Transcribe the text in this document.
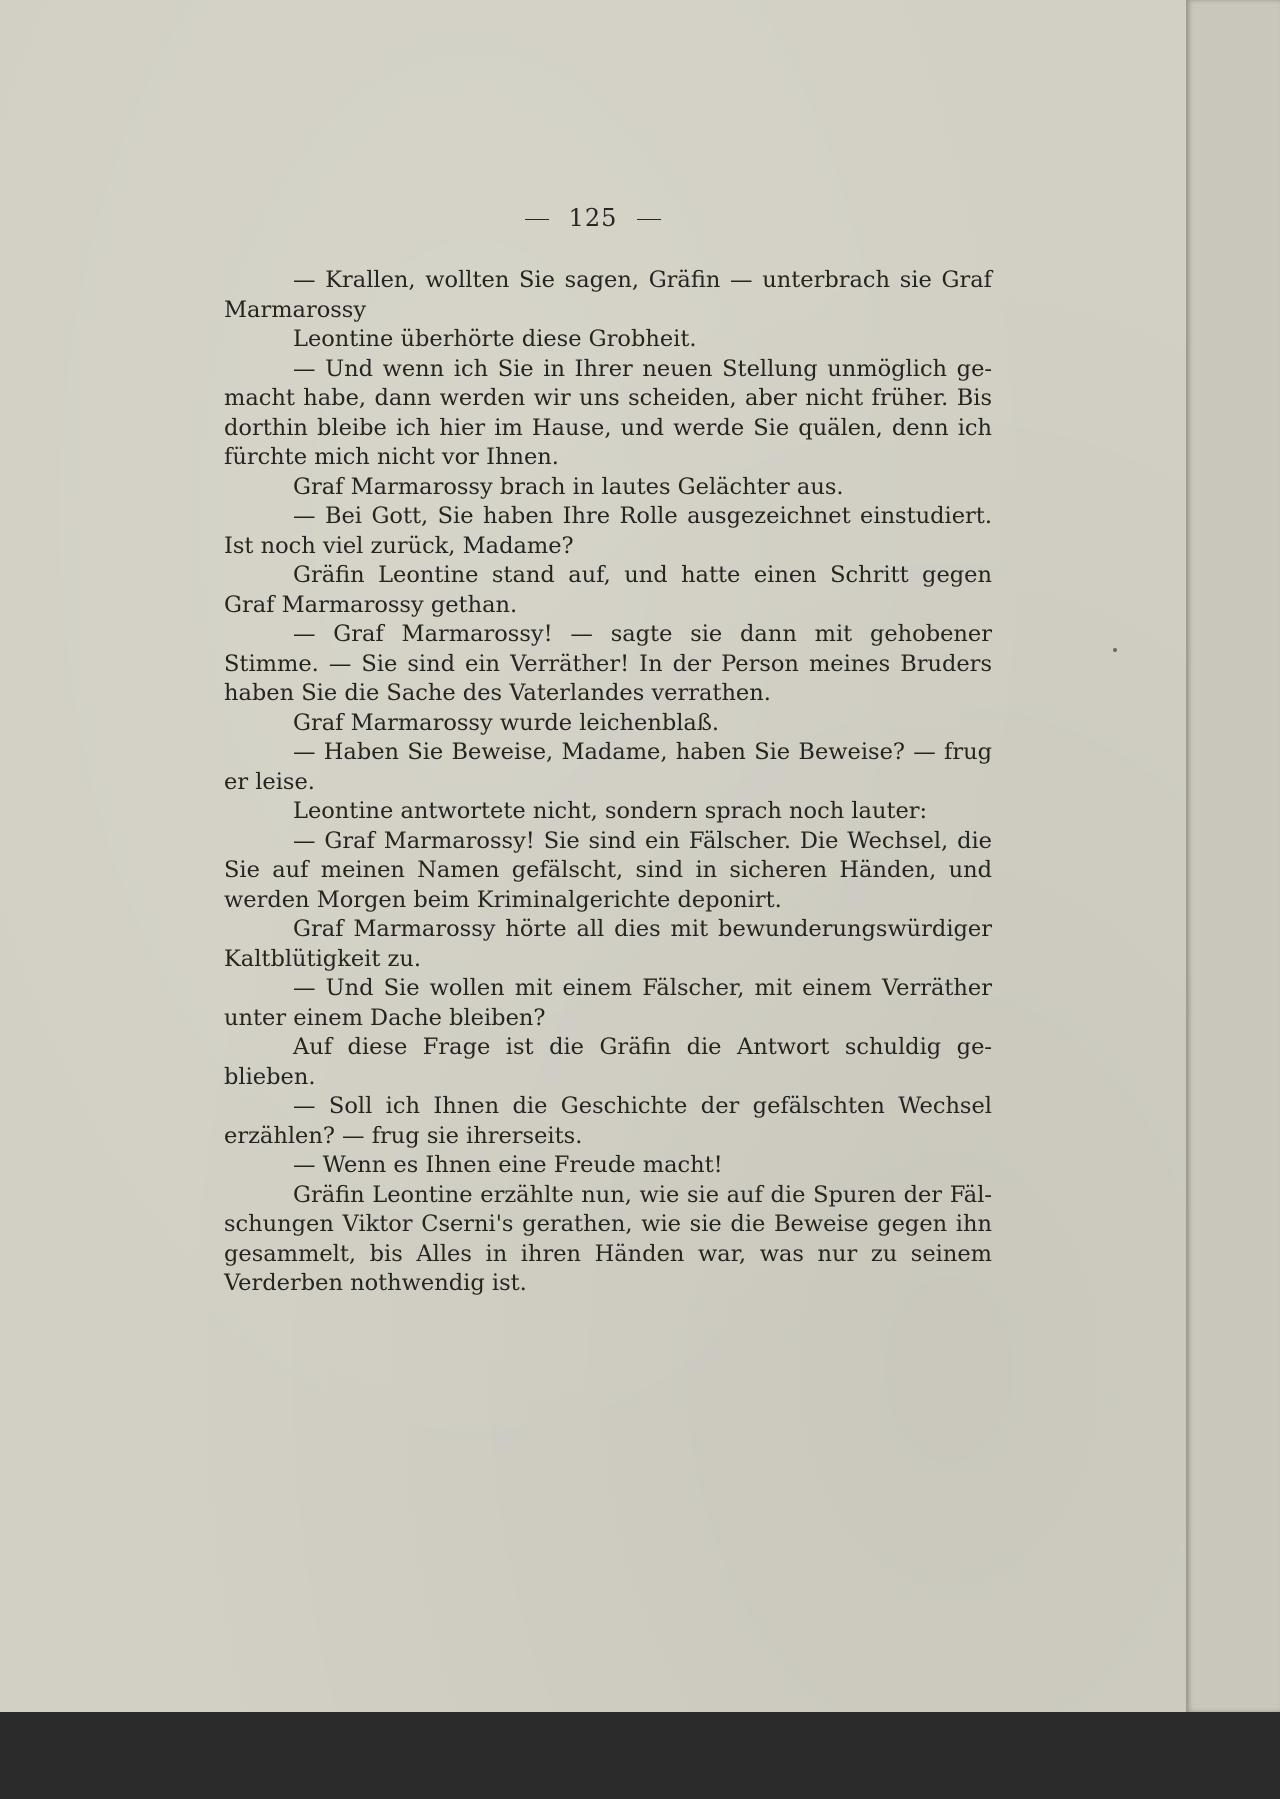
125

— Krallen, wollten Sie sagen, Gräfin — unterbrach sie Graf Marmarossy

Leontine überhörte diese Grobheit.

— Und wenn ich Sie in Ihrer neuen Stellung unmöglich gemacht habe, dann werden wir uns scheiden, aber nicht früher. Bis dorthin bleibe ich hier im Hause, und werde Sie quälen, denn ich fürchte mich nicht vor Ihnen.

Graf Marmarossy brach in lautes Gelächter aus.

— Bei Gott, Sie haben Ihre Rolle ausgezeichnet einstudiert. Ist noch viel zurück, Madame?

Gräfin Leontine stand auf, und hatte einen Schritt gegen Graf Marmarossy gethan.

— Graf Marmarossy! — sagte sie dann mit gehobener Stimme. — Sie sind ein Verräther! In der Person meines Bruders haben Sie die Sache des Vaterlandes verrathen.

Graf Marmarossy wurde leichenblaß.

— Haben Sie Beweise, Madame, haben Sie Beweise? — frug er leise.

Leontine antwortete nicht, sondern sprach noch lauter:

— Graf Marmarossy! Sie sind ein Fälscher. Die Wechsel, die Sie auf meinen Namen gefälscht, sind in sicheren Händen, und werden Morgen beim Kriminalgerichte deponirt.

Graf Marmarossy hörte all dies mit bewunderungswürdiger Kaltblütigkeit zu.

— Und Sie wollen mit einem Fälscher, mit einem Verräther unter einem Dache bleiben?

Auf diese Frage ist die Gräfin die Antwort schuldig geblieben.

— Soll ich Ihnen die Geschichte der gefälschten Wechsel erzählen? — frug sie ihrerseits.

— Wenn es Ihnen eine Freude macht!

Gräfin Leontine erzählte nun, wie sie auf die Spuren der Fälschungen Viktor Cserni's gerathen, wie sie die Beweise gegen ihn gesammelt, bis Alles in ihren Händen war, was nur zu seinem Verderben nothwendig ist.
